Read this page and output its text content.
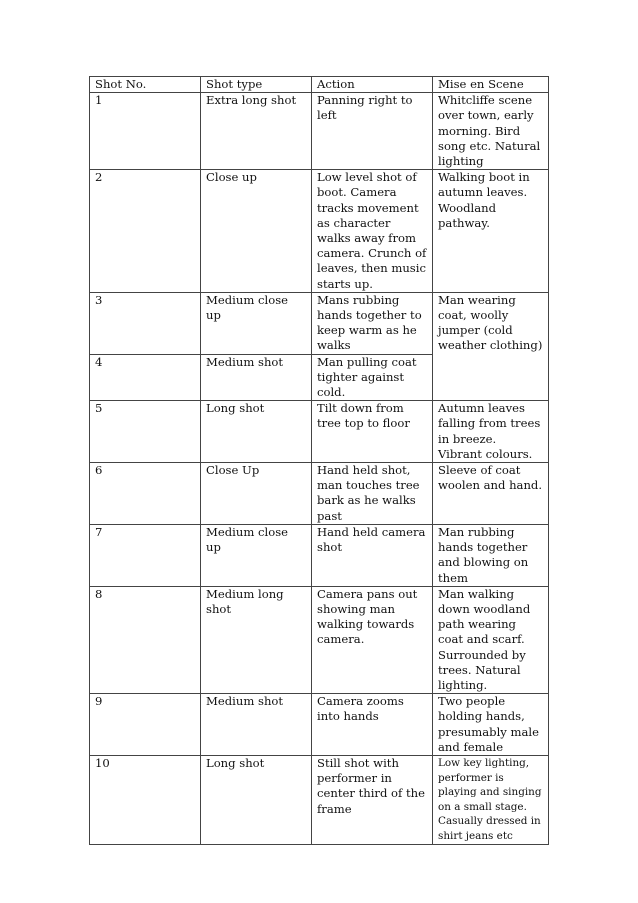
Shot No.	Shot type	Action	Mise en Scene
1	Extra long shot	Panning right to left	Whitcliffe scene over town, early morning. Bird song etc. Natural lighting
2	Close up	Low level shot of boot. Camera tracks movement as character walks away from camera. Crunch of leaves, then music starts up.	Walking boot in autumn leaves. Woodland pathway.
3	Medium close up	Mans rubbing hands together to keep warm as he walks	Man wearing coat, woolly jumper (cold weather clothing)
4	Medium shot	Man pulling coat tighter against cold.	
5	Long shot	Tilt down from tree top to floor	Autumn leaves falling from trees in breeze. Vibrant colours.
6	Close Up	Hand held shot, man touches tree bark as he walks past	Sleeve of coat woolen and hand.
7	Medium close up	Hand held camera shot	Man rubbing hands together and blowing on them
8	Medium long shot	Camera pans out showing man walking towards camera.	Man walking down woodland path wearing coat and scarf. Surrounded by trees. Natural lighting.
9	Medium shot	Camera zooms into hands	Two people holding hands, presumably male and female
10	Long shot	Still shot with performer in center third of the frame	Low key lighting, performer is playing and singing on a small stage. Casually dressed in shirt jeans etc
